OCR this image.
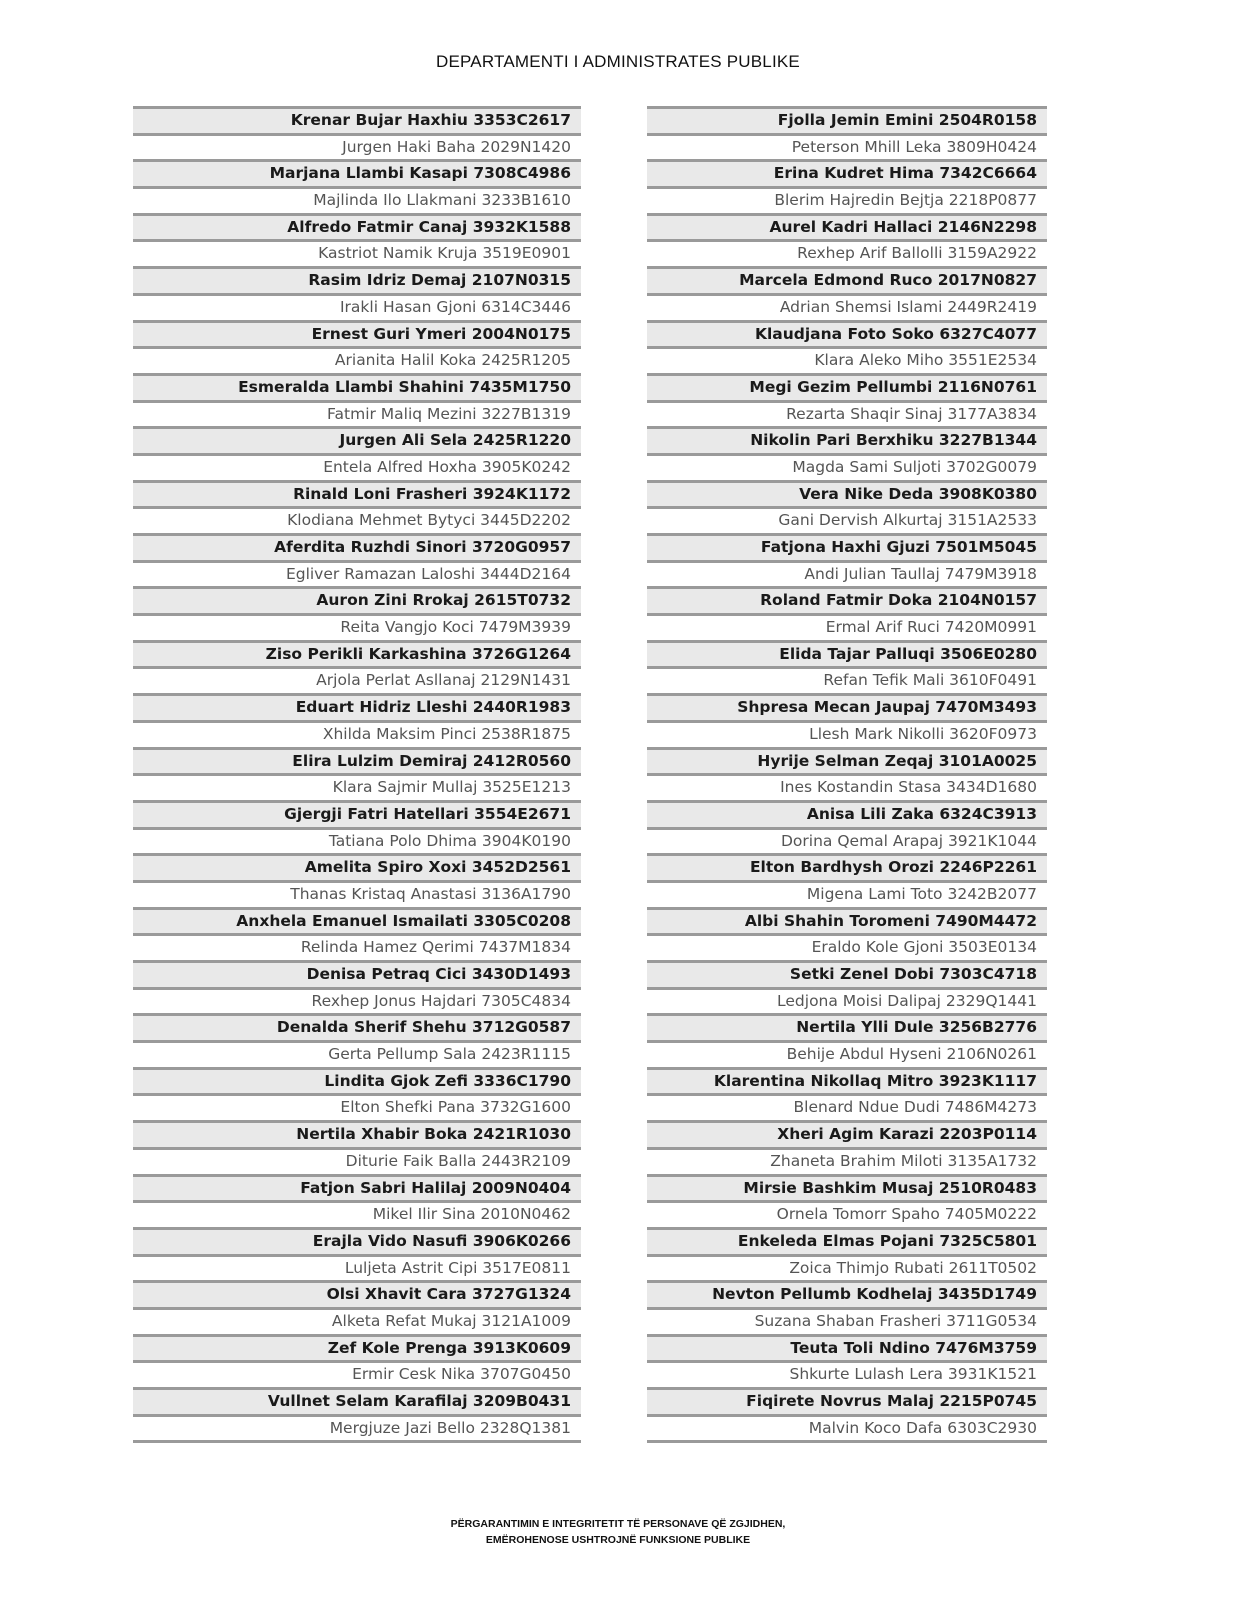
DEPARTAMENTI I ADMINISTRATES PUBLIKE
Krenar Bujar Haxhiu 3353C2617
Jurgen Haki Baha 2029N1420
Marjana Llambi Kasapi 7308C4986
Majlinda Ilo Llakmani 3233B1610
Alfredo Fatmir Canaj 3932K1588
Kastriot Namik Kruja 3519E0901
Rasim Idriz Demaj 2107N0315
Irakli Hasan Gjoni 6314C3446
Ernest Guri Ymeri 2004N0175
Arianita Halil Koka 2425R1205
Esmeralda Llambi Shahini 7435M1750
Fatmir Maliq Mezini 3227B1319
Jurgen Ali Sela 2425R1220
Entela Alfred Hoxha 3905K0242
Rinald Loni Frasheri 3924K1172
Klodiana Mehmet Bytyci 3445D2202
Aferdita Ruzhdi Sinori 3720G0957
Egliver Ramazan Laloshi 3444D2164
Auron Zini Rrokaj 2615T0732
Reita Vangjo Koci 7479M3939
Ziso Perikli Karkashina 3726G1264
Arjola Perlat Asllanaj 2129N1431
Eduart Hidriz Lleshi 2440R1983
Xhilda Maksim Pinci 2538R1875
Elira Lulzim Demiraj 2412R0560
Klara Sajmir Mullaj 3525E1213
Gjergji Fatri Hatellari 3554E2671
Tatiana Polo Dhima 3904K0190
Amelita Spiro Xoxi 3452D2561
Thanas Kristaq Anastasi 3136A1790
Anxhela Emanuel Ismailati 3305C0208
Relinda Hamez Qerimi 7437M1834
Denisa Petraq Cici 3430D1493
Rexhep Jonus Hajdari 7305C4834
Denalda Sherif Shehu 3712G0587
Gerta Pellump Sala 2423R1115
Lindita Gjok Zefi 3336C1790
Elton Shefki Pana 3732G1600
Nertila Xhabir Boka 2421R1030
Diturie Faik Balla 2443R2109
Fatjon Sabri Halilaj 2009N0404
Mikel Ilir Sina 2010N0462
Erajla Vido Nasufi 3906K0266
Luljeta Astrit Cipi 3517E0811
Olsi Xhavit Cara 3727G1324
Alketa Refat Mukaj 3121A1009
Zef Kole Prenga 3913K0609
Ermir Cesk Nika 3707G0450
Vullnet Selam Karafilaj 3209B0431
Mergjuze Jazi Bello 2328Q1381
Fjolla Jemin Emini 2504R0158
Peterson Mhill Leka 3809H0424
Erina Kudret Hima 7342C6664
Blerim Hajredin Bejtja 2218P0877
Aurel Kadri Hallaci 2146N2298
Rexhep Arif Ballolli 3159A2922
Marcela Edmond Ruco 2017N0827
Adrian Shemsi Islami 2449R2419
Klaudjana Foto Soko 6327C4077
Klara Aleko Miho 3551E2534
Megi Gezim Pellumbi 2116N0761
Rezarta Shaqir Sinaj 3177A3834
Nikolin Pari Berxhiku 3227B1344
Magda Sami Suljoti 3702G0079
Vera Nike Deda 3908K0380
Gani Dervish Alkurtaj 3151A2533
Fatjona Haxhi Gjuzi 7501M5045
Andi Julian Taullaj 7479M3918
Roland Fatmir Doka 2104N0157
Ermal Arif Ruci 7420M0991
Elida Tajar Palluqi 3506E0280
Refan Tefik Mali 3610F0491
Shpresa Mecan Jaupaj 7470M3493
Llesh Mark Nikolli 3620F0973
Hyrije Selman Zeqaj 3101A0025
Ines Kostandin Stasa 3434D1680
Anisa Lili Zaka 6324C3913
Dorina Qemal Arapaj 3921K1044
Elton Bardhysh Orozi 2246P2261
Migena Lami Toto 3242B2077
Albi Shahin Toromeni 7490M4472
Eraldo Kole Gjoni 3503E0134
Setki Zenel Dobi 7303C4718
Ledjona Moisi Dalipaj 2329Q1441
Nertila Ylli Dule 3256B2776
Behije Abdul Hyseni 2106N0261
Klarentina Nikollaq Mitro 3923K1117
Blenard Ndue Dudi 7486M4273
Xheri Agim Karazi 2203P0114
Zhaneta Brahim Miloti 3135A1732
Mirsie Bashkim Musaj 2510R0483
Ornela Tomorr Spaho 7405M0222
Enkeleda Elmas Pojani 7325C5801
Zoica Thimjo Rubati 2611T0502
Nevton Pellumb Kodhelaj 3435D1749
Suzana Shaban Frasheri 3711G0534
Teuta Toli Ndino 7476M3759
Shkurte Lulash Lera 3931K1521
Fiqirete Novrus Malaj 2215P0745
Malvin Koco Dafa 6303C2930
PËRGARANTIMIN E INTEGRITETIT TË PERSONAVE QË ZGJIDHEN,
EMËROHENOSE USHTROJNË FUNKSIONE PUBLIKE
